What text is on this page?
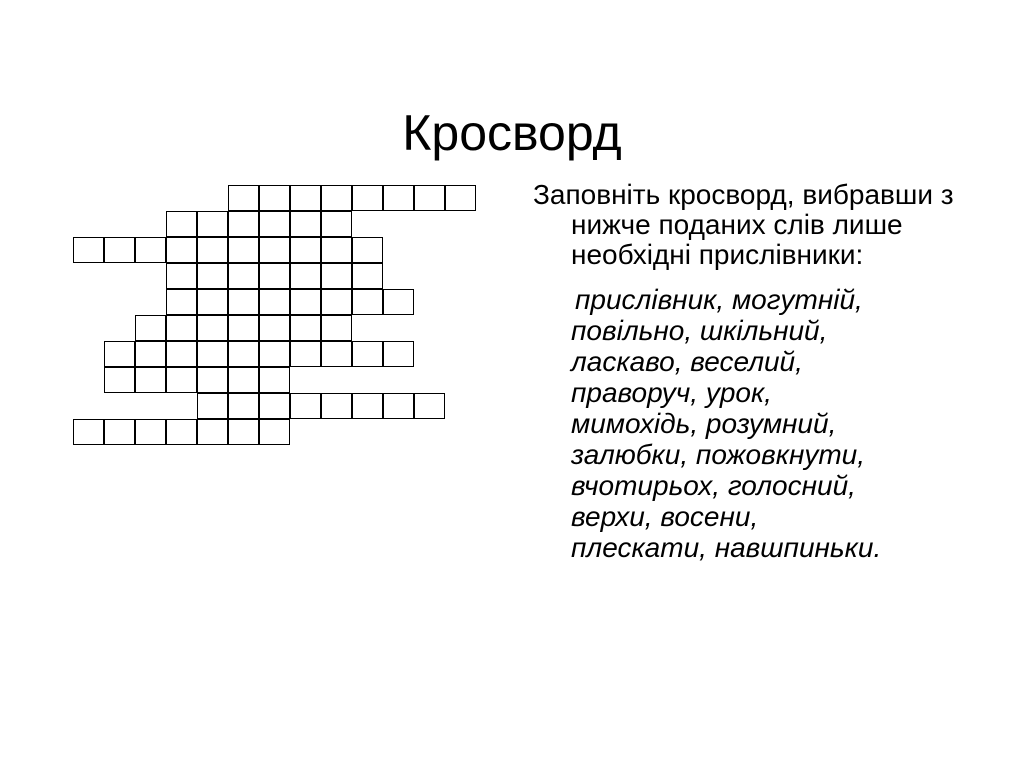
Кросворд

Заповніть кросворд, вибравши з нижче поданих слів лише необхідні прислівники:

прислівник, могутній,
повільно, шкільний,
ласкаво, веселий,
праворуч, урок,
мимохідь, розумний,
залюбки, пожовкнути,
вчотирьох, голосний,
верхи, восени,
плескати, навшпиньки.
